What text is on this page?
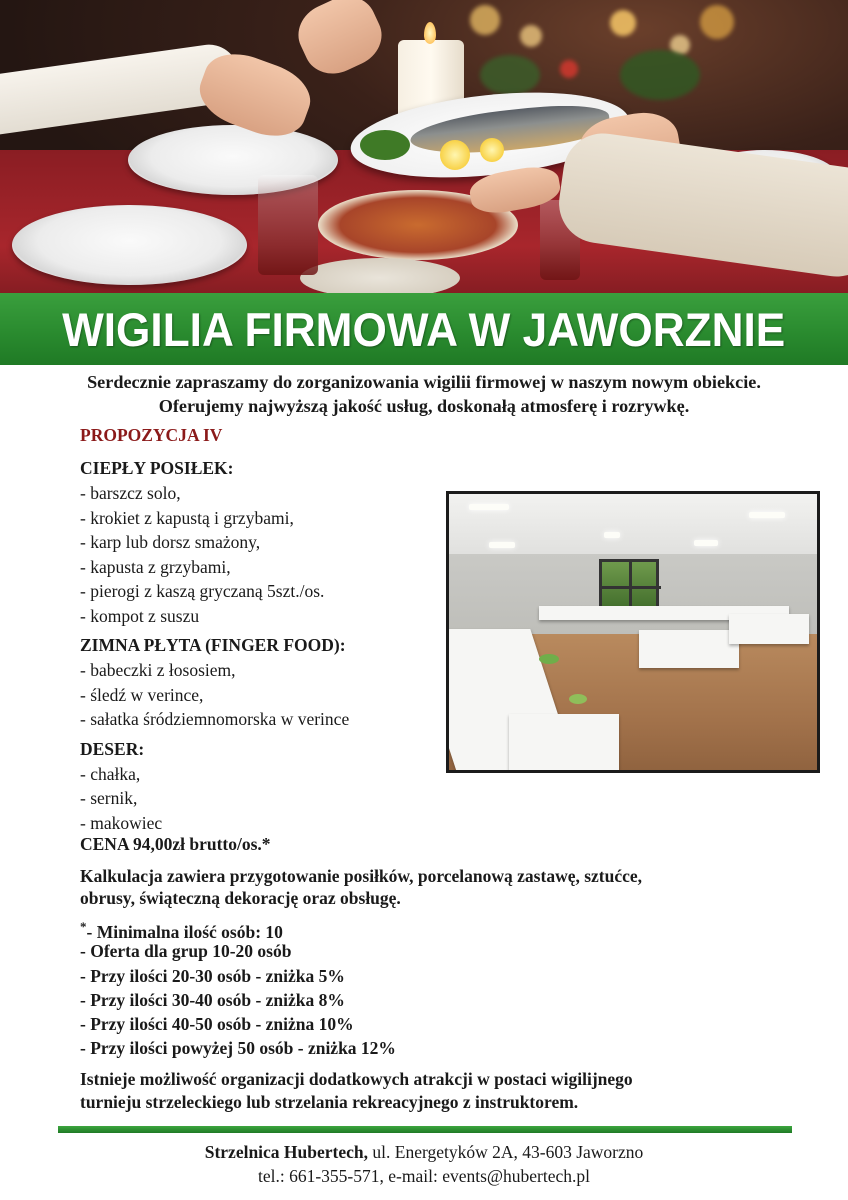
WIGILIA FIRMOWA W JAWORZNIE
Serdecznie zapraszamy do zorganizowania wigilii firmowej w naszym nowym obiekcie.
Oferujemy najwyższą jakość usług, doskonałą atmosferę i rozrywkę.
PROPOZYCJA IV
CIEPŁY POSIŁEK:
- barszcz solo,
- krokiet z kapustą i grzybami,
- karp lub dorsz smażony,
- kapusta z grzybami,
- pierogi z kaszą gryczaną 5szt./os.
- kompot z suszu
ZIMNA PŁYTA (FINGER FOOD):
- babeczki z łososiem,
- śledź w verince,
- sałatka śródziemnomorska w verince
DESER:
- chałka,
- sernik,
- makowiec
CENA 94,00zł brutto/os.*
Kalkulacja zawiera przygotowanie posiłków, porcelanową zastawę, sztućce,
obrusy, świąteczną dekorację oraz obsługę.
*- Minimalna ilość osób: 10
- Oferta dla grup 10-20 osób
- Przy ilości 20-30 osób - zniżka 5%
- Przy ilości 30-40 osób - zniżka 8%
- Przy ilości 40-50 osób - zniżna 10%
- Przy ilości powyżej 50 osób - zniżka 12%
Istnieje możliwość organizacji dodatkowych atrakcji w postaci wigilijnego
turnieju strzeleckiego lub strzelania rekreacyjnego z instruktorem.
Strzelnica Hubertech, ul. Energetyków 2A, 43-603 Jaworzno
tel.: 661-355-571, e-mail: events@hubertech.pl
